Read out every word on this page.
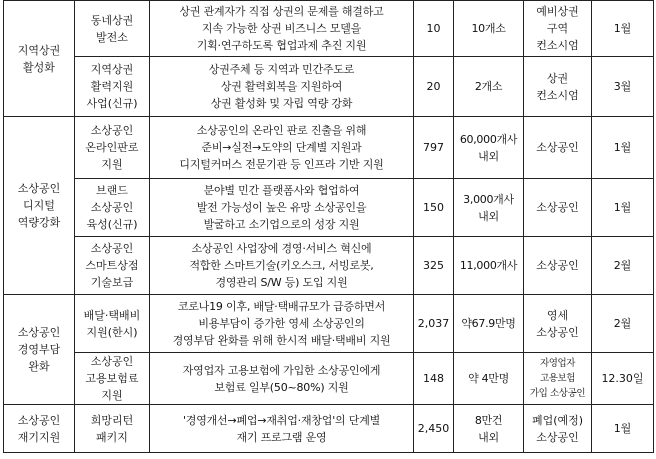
지역상권
활성화	동네상권
발전소	상권 관계자가 직접 상권의 문제를 해결하고
지속 가능한 상권 비즈니스 모델을
기획·연구하도록 협업과제 추진 지원	10	10개소	예비상권
구역
컨소시엄	1월

	지역상권
활력지원
사업(신규)	상권주체 등 지역과 민간주도로
상권 활력회복을 지원하여
상권 활성화 및 자립 역량 강화	20	2개소	상권
컨소시엄	3월

소상공인
디지털
역량강화	소상공인
온라인판로
지원	소상공인의 온라인 판로 진출을 위해
준비→실전→도약의 단계별 지원과
디지털커머스 전문기관 등 인프라 기반 지원	797	60,000개사
내외	소상공인	1월

	브랜드
소상공인
육성(신규)	분야별 민간 플랫폼사와 협업하여
발전 가능성이 높은 유망 소상공인을
발굴하고 소기업으로의 성장 지원	150	3,000개사
내외	소상공인	1월

	소상공인
스마트상점
기술보급	소상공인 사업장에 경영·서비스 혁신에
적합한 스마트기술(키오스크, 서빙로봇,
경영관리 S/W 등) 도입 지원	325	11,000개사	소상공인	2월

소상공인
경영부담
완화	배달·택배비
지원(한시)	코로나19 이후, 배달·택배규모가 급증하면서
비용부담이 증가한 영세 소상공인의
경영부담 완화를 위해 한시적 배달·택배비 지원	2,037	약67.9만명	영세
소상공인	2월

	소상공인
고용보험료
지원	자영업자 고용보험에 가입한 소상공인에게
보험료 일부(50~80%) 지원	148	약 4만명	자영업자
고용보험
가입 소상공인	12.30일

소상공인
재기지원	희망리턴
패키지	'경영개선→폐업→재취업·재창업'의 단계별
재기 프로그램 운영	2,450	8만건
내외	폐업(예정)
소상공인	1월
